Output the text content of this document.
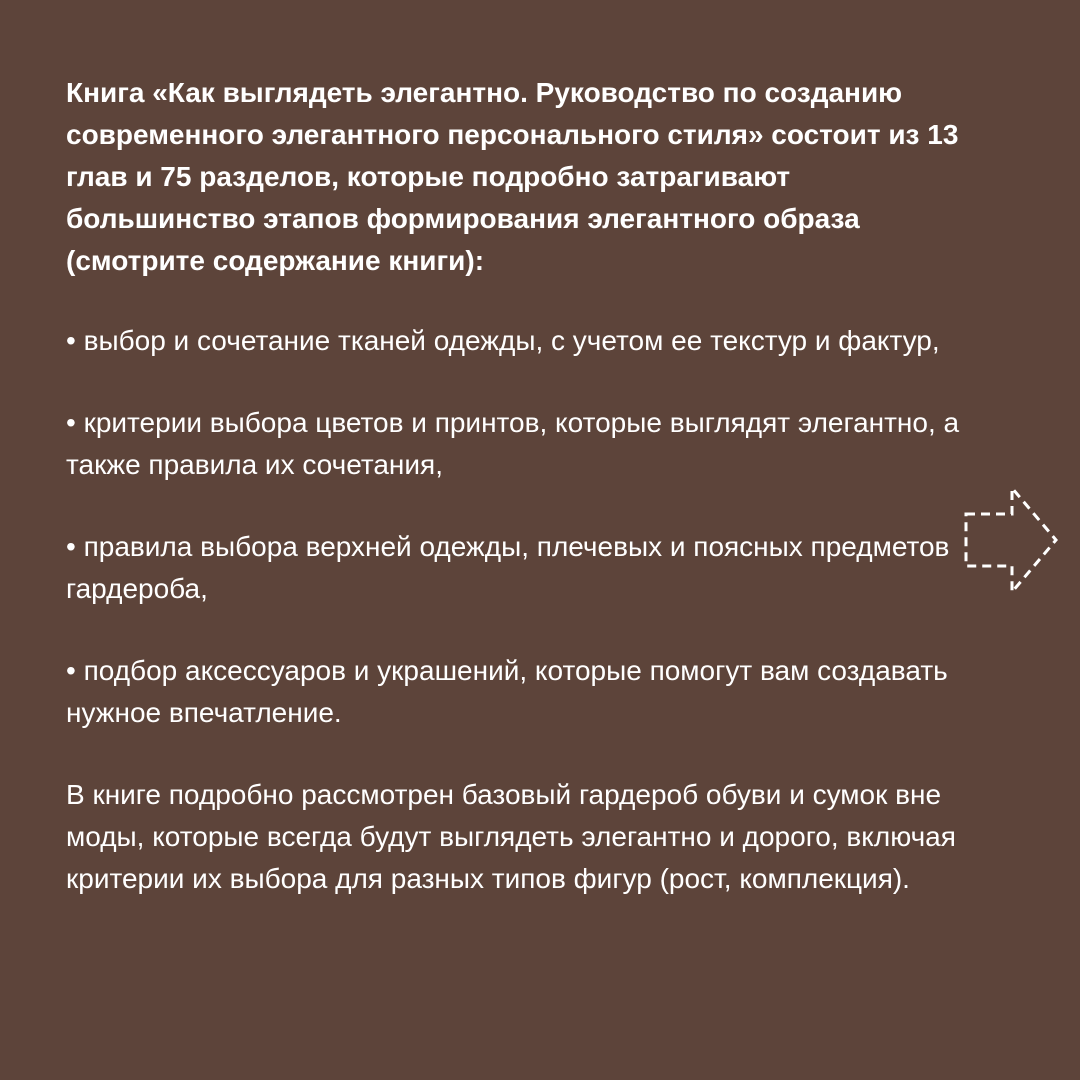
Книга «Как выглядеть элегантно. Руководство по созданию современного элегантного персонального стиля» состоит из 13 глав и 75 разделов, которые подробно затрагивают большинство этапов формирования элегантного образа (смотрите содержание книги):

• выбор и сочетание тканей одежды, с учетом ее текстур и фактур,

• критерии выбора цветов и принтов, которые выглядят элегантно, а также правила их сочетания,

• правила выбора верхней одежды, плечевых и поясных предметов гардероба,

• подбор аксессуаров и украшений, которые помогут вам создавать нужное впечатление.

В книге подробно рассмотрен базовый гардероб обуви и сумок вне моды, которые всегда будут выглядеть элегантно и дорого, включая критерии их выбора для разных типов фигур (рост, комплекция).
